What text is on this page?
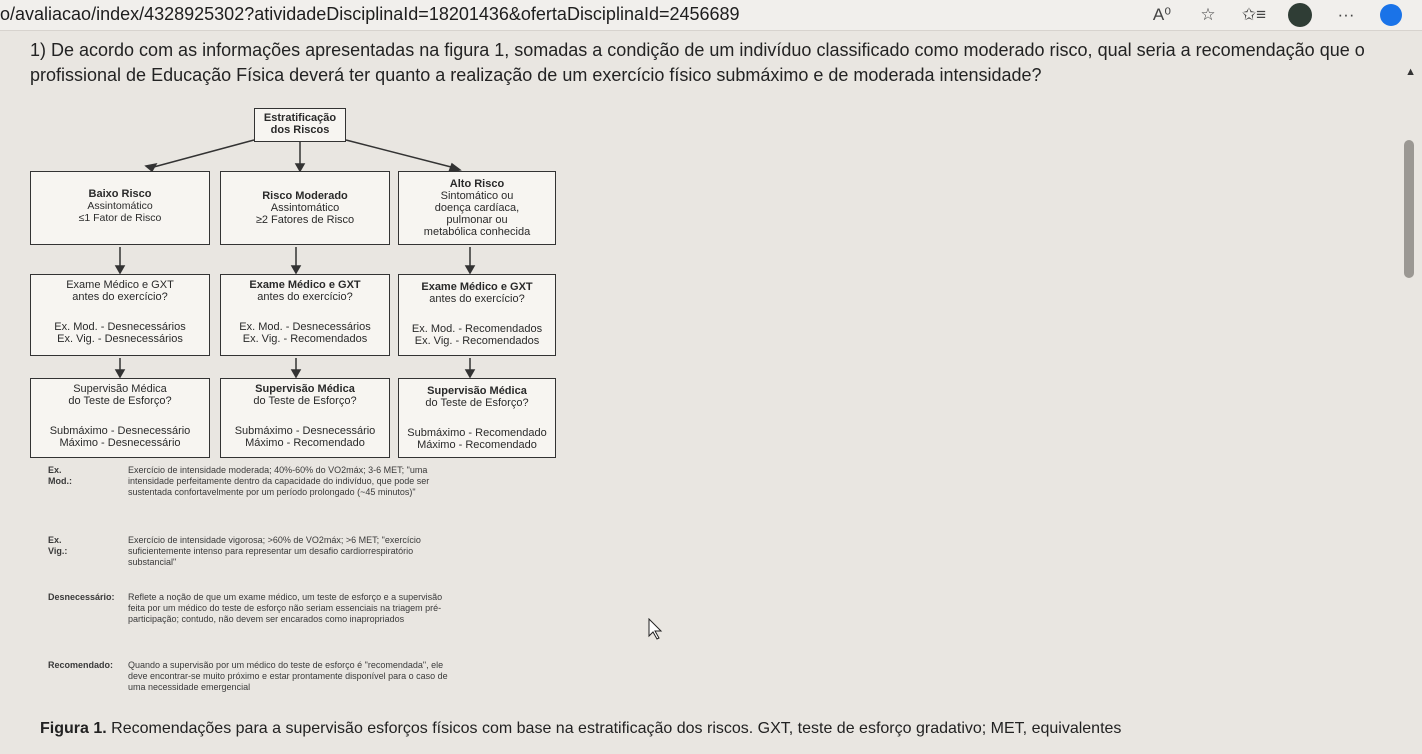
o/avaliacao/index/4328925302?atividadeDisciplinaId=18201436&ofertaDisciplinaId=2456689	A⁰ ☆ ✩≡	···
1) De acordo com as informações apresentadas na figura 1, somadas a condição de um indivíduo classificado como moderado risco, qual seria a recomendação que o profissional de Educação Física deverá ter quanto a realização de um exercício físico submáximo e de moderada intensidade?	▲
Estratificação
dos Riscos
Baixo Risco
Assintomático
≤1 Fator de Risco
Risco Moderado
Assintomático
≥2 Fatores de Risco
Alto Risco
Sintomático ou
doença cardíaca,
pulmonar ou
metabólica conhecida
Exame Médico e GXT
antes do exercício?
Ex. Mod. - Desnecessários
Ex. Vig. - Desnecessários
Exame Médico e GXT
antes do exercício?
Ex. Mod. - Desnecessários
Ex. Vig. - Recomendados
Exame Médico e GXT
antes do exercício?
Ex. Mod. - Recomendados
Ex. Vig. - Recomendados
Supervisão Médica
do Teste de Esforço?
Submáximo - Desnecessário
Máximo - Desnecessário
Supervisão Médica
do Teste de Esforço?
Submáximo - Desnecessário
Máximo - Recomendado
Supervisão Médica
do Teste de Esforço?
Submáximo - Recomendado
Máximo - Recomendado
Ex. Mod.:
Exercício de intensidade moderada; 40%-60% do VO2máx; 3-6 MET; "uma intensidade perfeitamente dentro da capacidade do indivíduo, que pode ser sustentada confortavelmente por um período prolongado (~45 minutos)"
Ex. Vig.:
Exercício de intensidade vigorosa; >60% de VO2máx; >6 MET; "exercício suficientemente intenso para representar um desafio cardiorrespiratório substancial"
Desnecessário: Reflete a noção de que um exame médico, um teste de esforço e a supervisão feita por um médico do teste de esforço não seriam essenciais na triagem pré-participação; contudo, não devem ser encarados como inapropriados
Recomendado: Quando a supervisão por um médico do teste de esforço é "recomendada", ele deve encontrar-se muito próximo e estar prontamente disponível para o caso de uma necessidade emergencial
Figura 1. Recomendações para a supervisão esforços físicos com base na estratificação dos riscos. GXT, teste de esforço gradativo; MET, equivalentes
